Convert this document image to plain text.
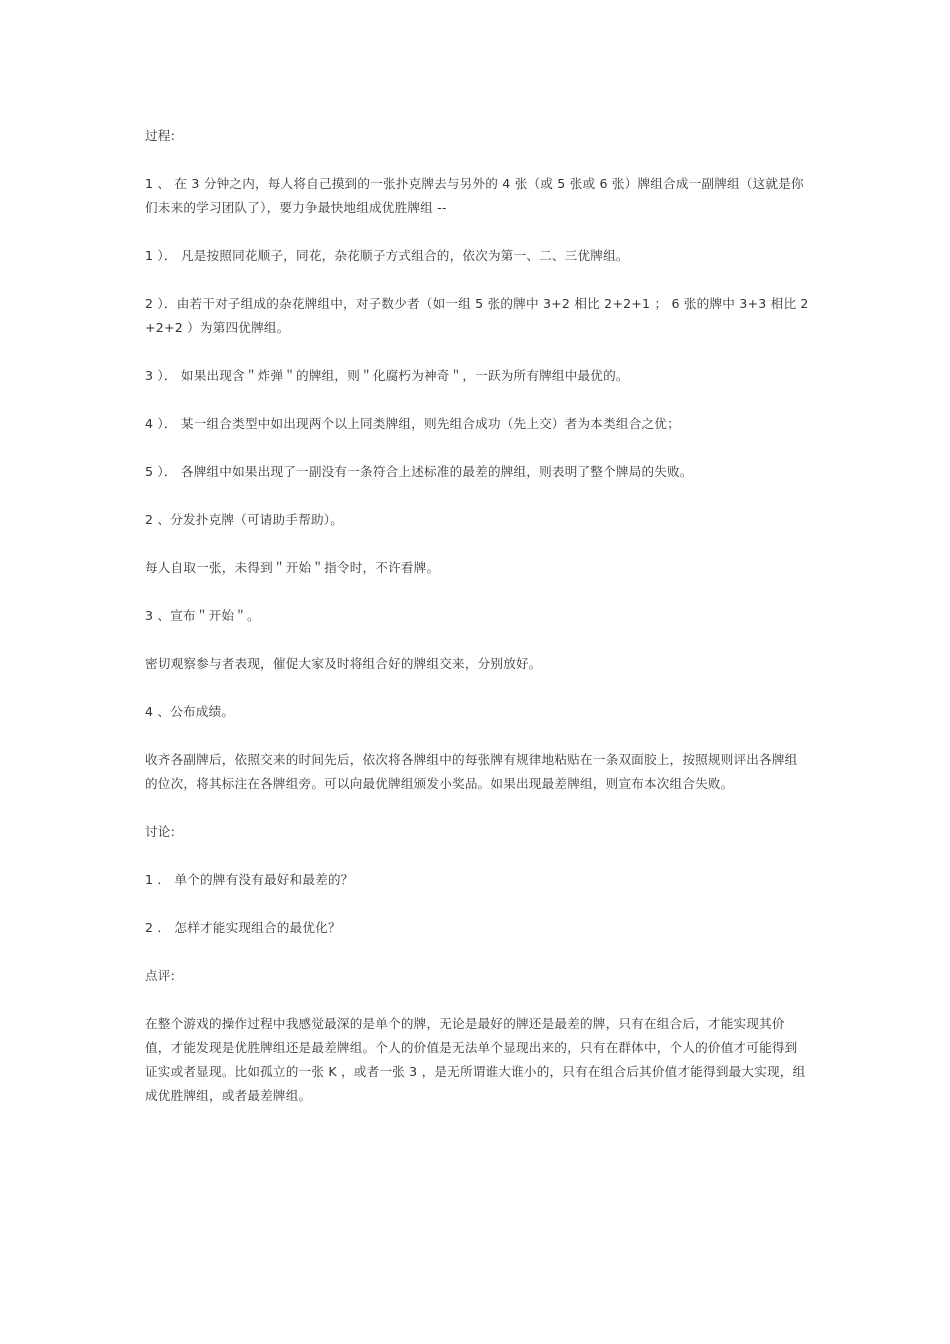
过程:

1 、 在 3 分钟之内，每人将自己摸到的一张扑克牌去与另外的 4 张（或 5 张或 6 张）牌组合成一副牌组（这就是你们未来的学习团队了），要力争最快地组成优胜牌组 --

1 ）． 凡是按照同花顺子，同花，杂花顺子方式组合的，依次为第一、二、三优牌组。

2 ）．由若干对子组成的杂花牌组中，对子数少者（如一组 5 张的牌中 3+2 相比 2+2+1 ； 6 张的牌中 3+3 相比 2+2+2 ）为第四优牌组。

3 ）． 如果出现含＂炸弹＂的牌组，则＂化腐朽为神奇＂，一跃为所有牌组中最优的。

4 ）． 某一组合类型中如出现两个以上同类牌组，则先组合成功（先上交）者为本类组合之优；

5 ）． 各牌组中如果出现了一副没有一条符合上述标准的最差的牌组，则表明了整个牌局的失败。

2 、分发扑克牌（可请助手帮助）。

每人自取一张，未得到＂开始＂指令时，不许看牌。

3 、宣布＂开始＂。

密切观察参与者表现，催促大家及时将组合好的牌组交来，分别放好。

4 、公布成绩。

收齐各副牌后，依照交来的时间先后，依次将各牌组中的每张牌有规律地粘贴在一条双面胶上，按照规则评出各牌组的位次，将其标注在各牌组旁。可以向最优牌组颁发小奖品。如果出现最差牌组，则宣布本次组合失败。

讨论:

1 ． 单个的牌有没有最好和最差的？

2 ． 怎样才能实现组合的最优化？

点评:

在整个游戏的操作过程中我感觉最深的是单个的牌，无论是最好的牌还是最差的牌，只有在组合后，才能实现其价值，才能发现是优胜牌组还是最差牌组。个人的价值是无法单个显现出来的，只有在群体中，个人的价值才可能得到证实或者显现。比如孤立的一张 K ，或者一张 3 ，是无所谓谁大谁小的，只有在组合后其价值才能得到最大实现，组成优胜牌组，或者最差牌组。
